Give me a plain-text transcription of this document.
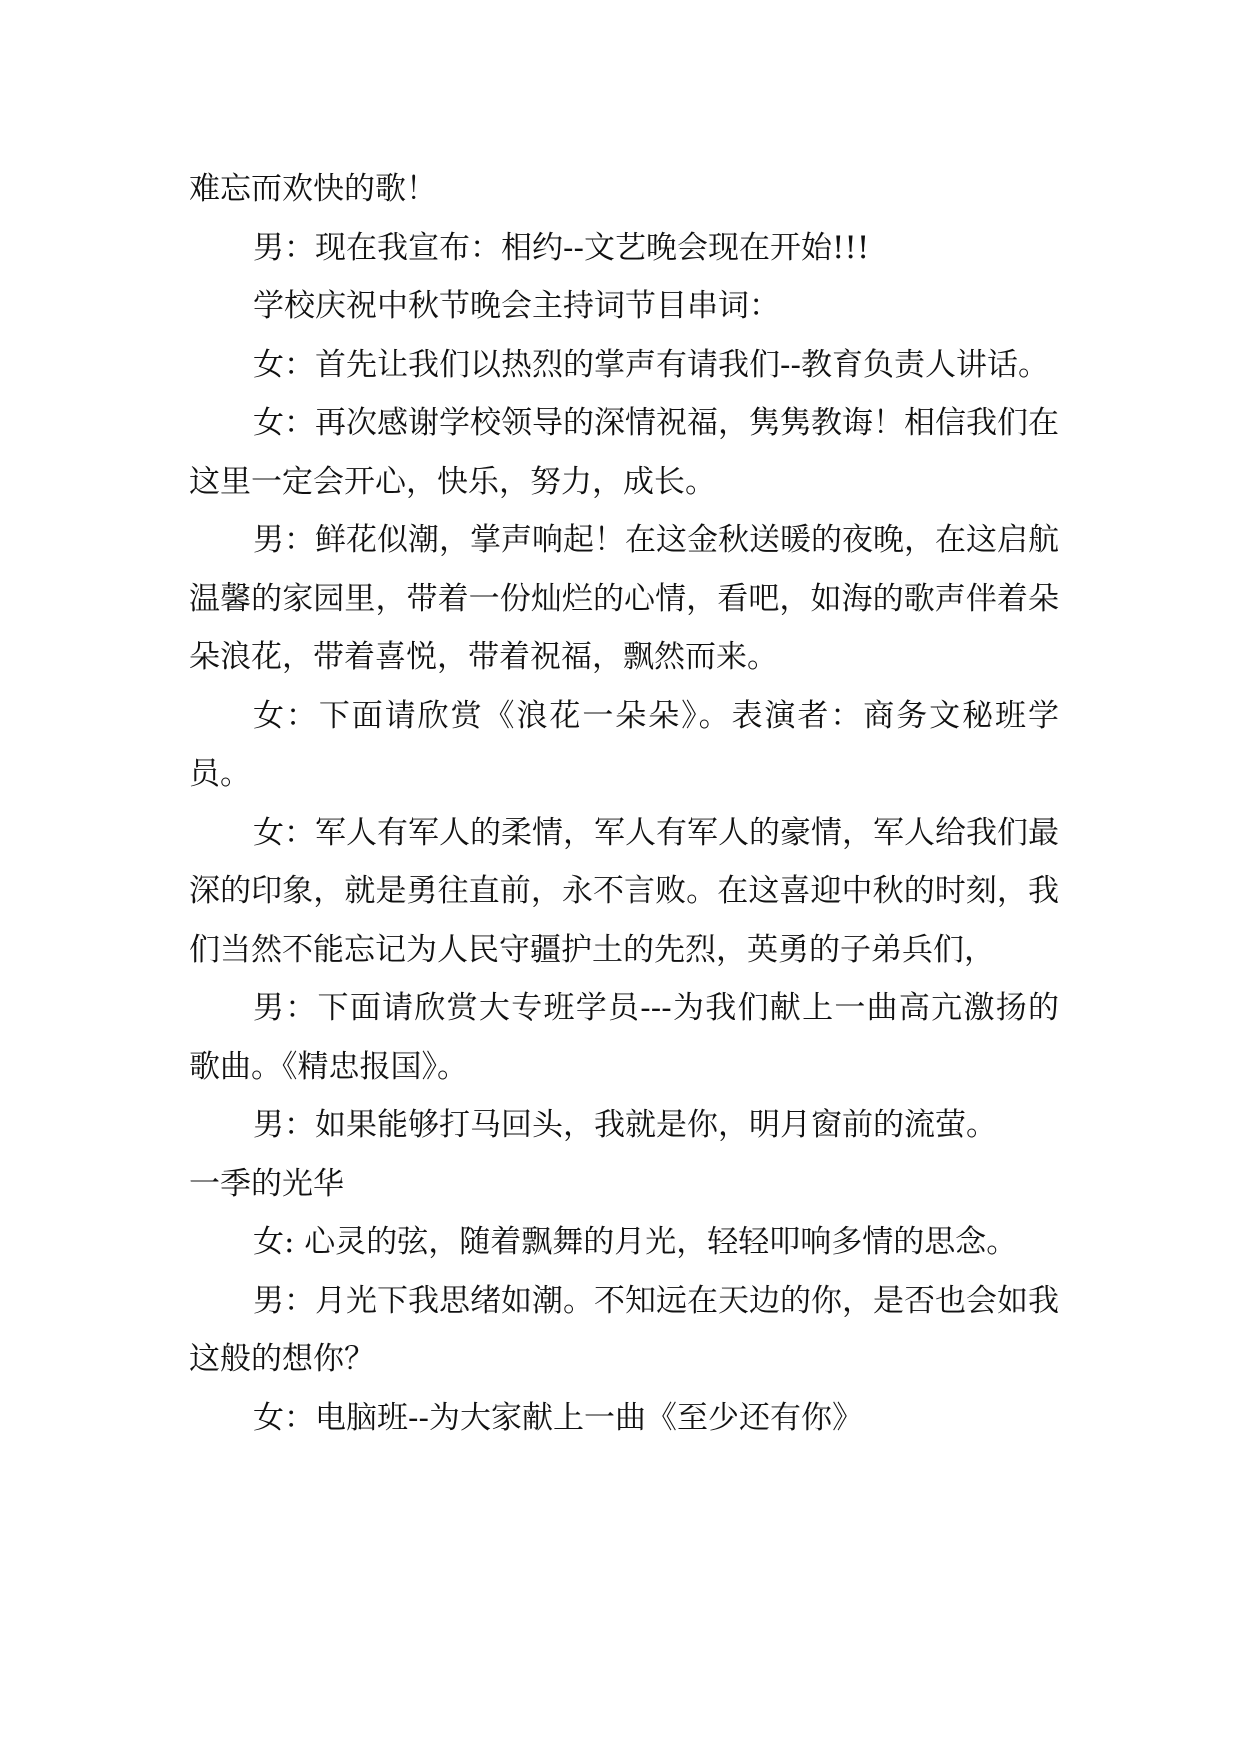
难忘而欢快的歌！

男：现在我宣布：相约--文艺晚会现在开始!!!

学校庆祝中秋节晚会主持词节目串词：

女：首先让我们以热烈的掌声有请我们--教育负责人讲话。

女：再次感谢学校领导的深情祝福，隽隽教诲！相信我们在这里一定会开心，快乐，努力，成长。

男：鲜花似潮，掌声响起！在这金秋送暖的夜晚，在这启航温馨的家园里，带着一份灿烂的心情，看吧，如海的歌声伴着朵朵浪花，带着喜悦，带着祝福，飘然而来。

女：下面请欣赏《浪花一朵朵》。表演者：商务文秘班学员。

女：军人有军人的柔情，军人有军人的豪情，军人给我们最深的印象，就是勇往直前，永不言败。在这喜迎中秋的时刻，我们当然不能忘记为人民守疆护土的先烈，英勇的子弟兵们，

男：下面请欣赏大专班学员---为我们献上一曲高亢激扬的歌曲。《精忠报国》。

男：如果能够打马回头，我就是你，明月窗前的流萤。

一季的光华

女: 心灵的弦，随着飘舞的月光，轻轻叩响多情的思念。

男：月光下我思绪如潮。不知远在天边的你，是否也会如我这般的想你？

女：电脑班--为大家献上一曲《至少还有你》
